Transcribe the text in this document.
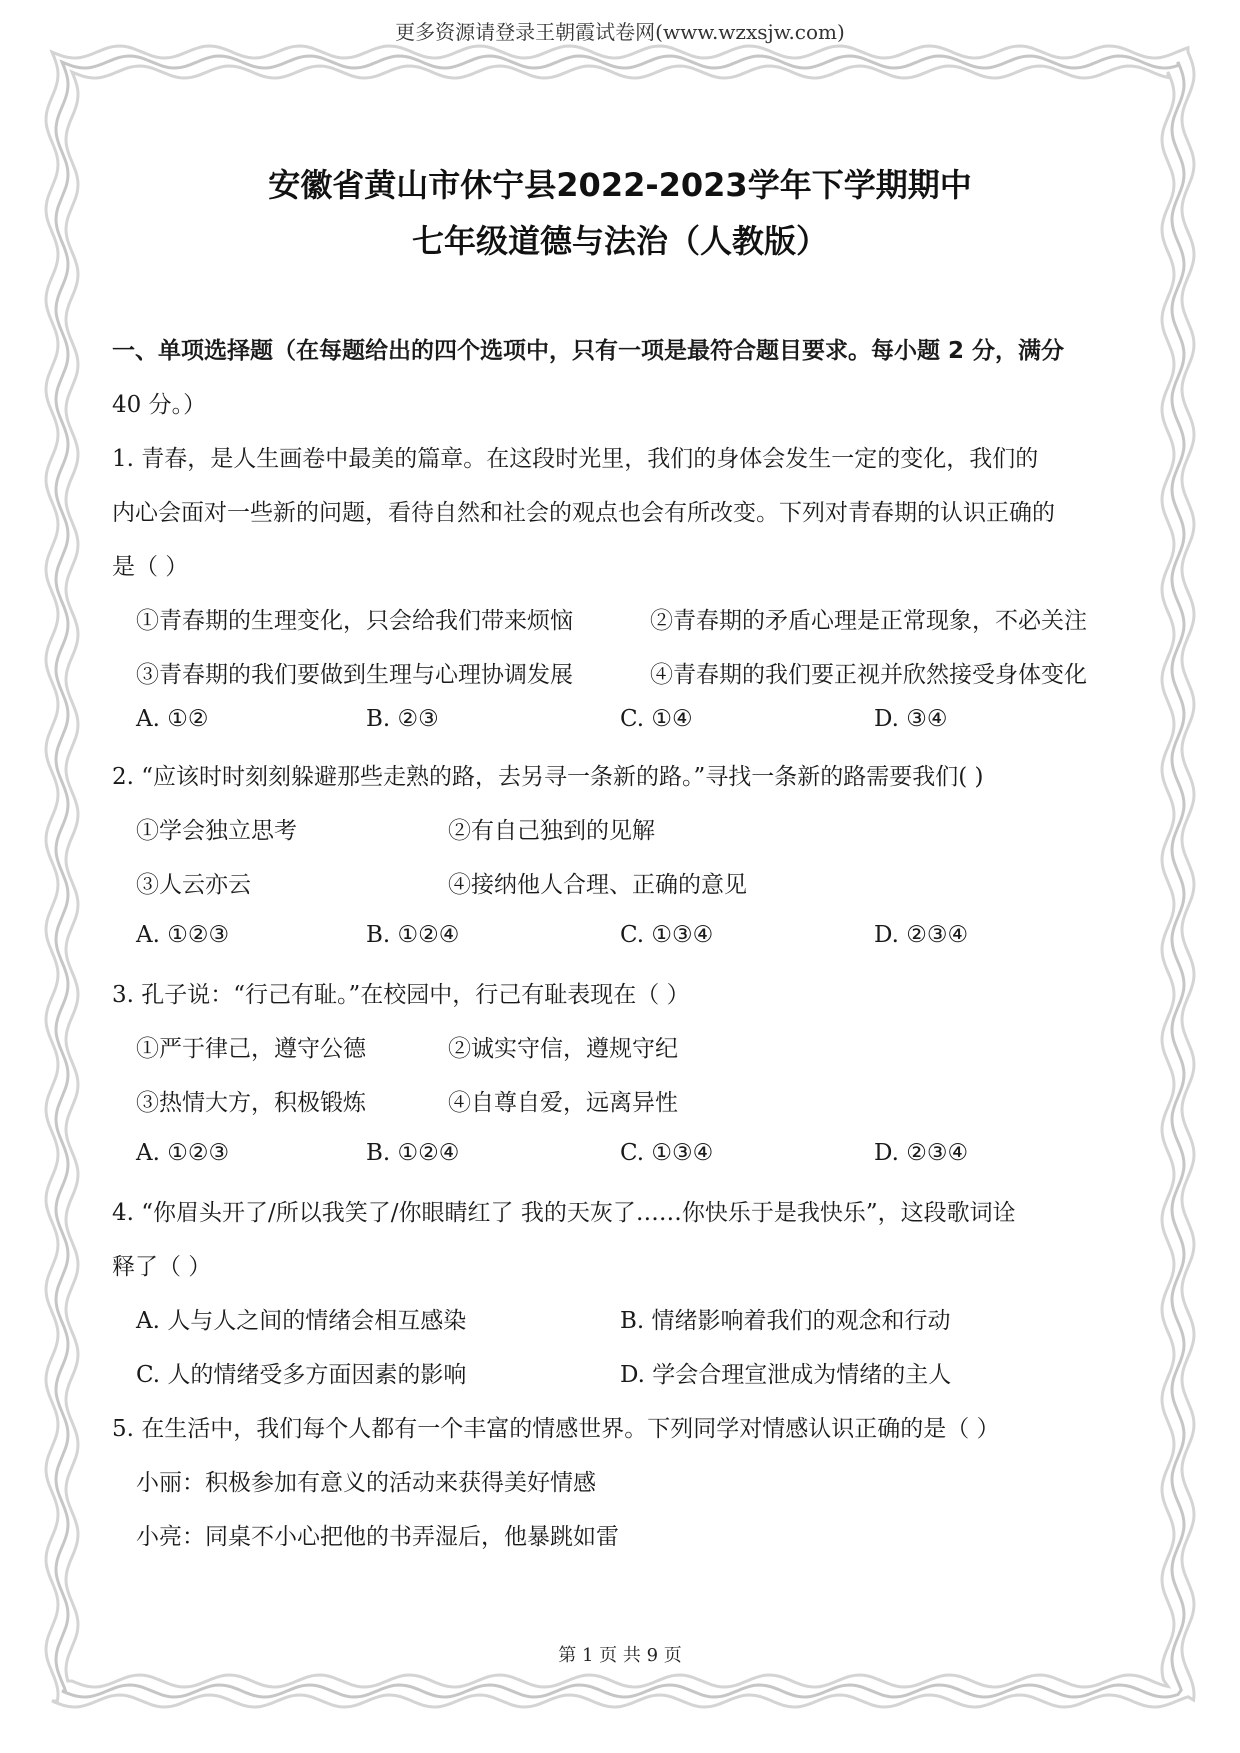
更多资源请登录王朝霞试卷网(www.wzxsjw.com)
安徽省黄山市休宁县2022-2023学年下学期期中
七年级道德与法治（人教版）
一、单项选择题（在每题给出的四个选项中，只有一项是最符合题目要求。每小题 2 分，满分
40 分。）
1. 青春，是人生画卷中最美的篇章。在这段时光里，我们的身体会发生一定的变化，我们的
内心会面对一些新的问题，看待自然和社会的观点也会有所改变。下列对青春期的认识正确的
是（ ）
①青春期的生理变化，只会给我们带来烦恼	②青春期的矛盾心理是正常现象，不必关注
③青春期的我们要做到生理与心理协调发展	④青春期的我们要正视并欣然接受身体变化
A. ①②	B. ②③	C. ①④	D. ③④
2. “应该时时刻刻躲避那些走熟的路，去另寻一条新的路。”寻找一条新的路需要我们( )
①学会独立思考	②有自己独到的见解
③人云亦云	④接纳他人合理、正确的意见
A. ①②③	B. ①②④	C. ①③④	D. ②③④
3. 孔子说：“行己有耻。”在校园中，行己有耻表现在（ ）
①严于律己，遵守公德	②诚实守信，遵规守纪
③热情大方，积极锻炼	④自尊自爱，远离异性
A. ①②③	B. ①②④	C. ①③④	D. ②③④
4. “你眉头开了/所以我笑了/你眼睛红了 我的天灰了……你快乐于是我快乐”，这段歌词诠
释了（ ）
A. 人与人之间的情绪会相互感染	B. 情绪影响着我们的观念和行动
C. 人的情绪受多方面因素的影响	D. 学会合理宣泄成为情绪的主人
5. 在生活中，我们每个人都有一个丰富的情感世界。下列同学对情感认识正确的是（ ）
小丽：积极参加有意义的活动来获得美好情感
小亮：同桌不小心把他的书弄湿后，他暴跳如雷
第 1 页 共 9 页
